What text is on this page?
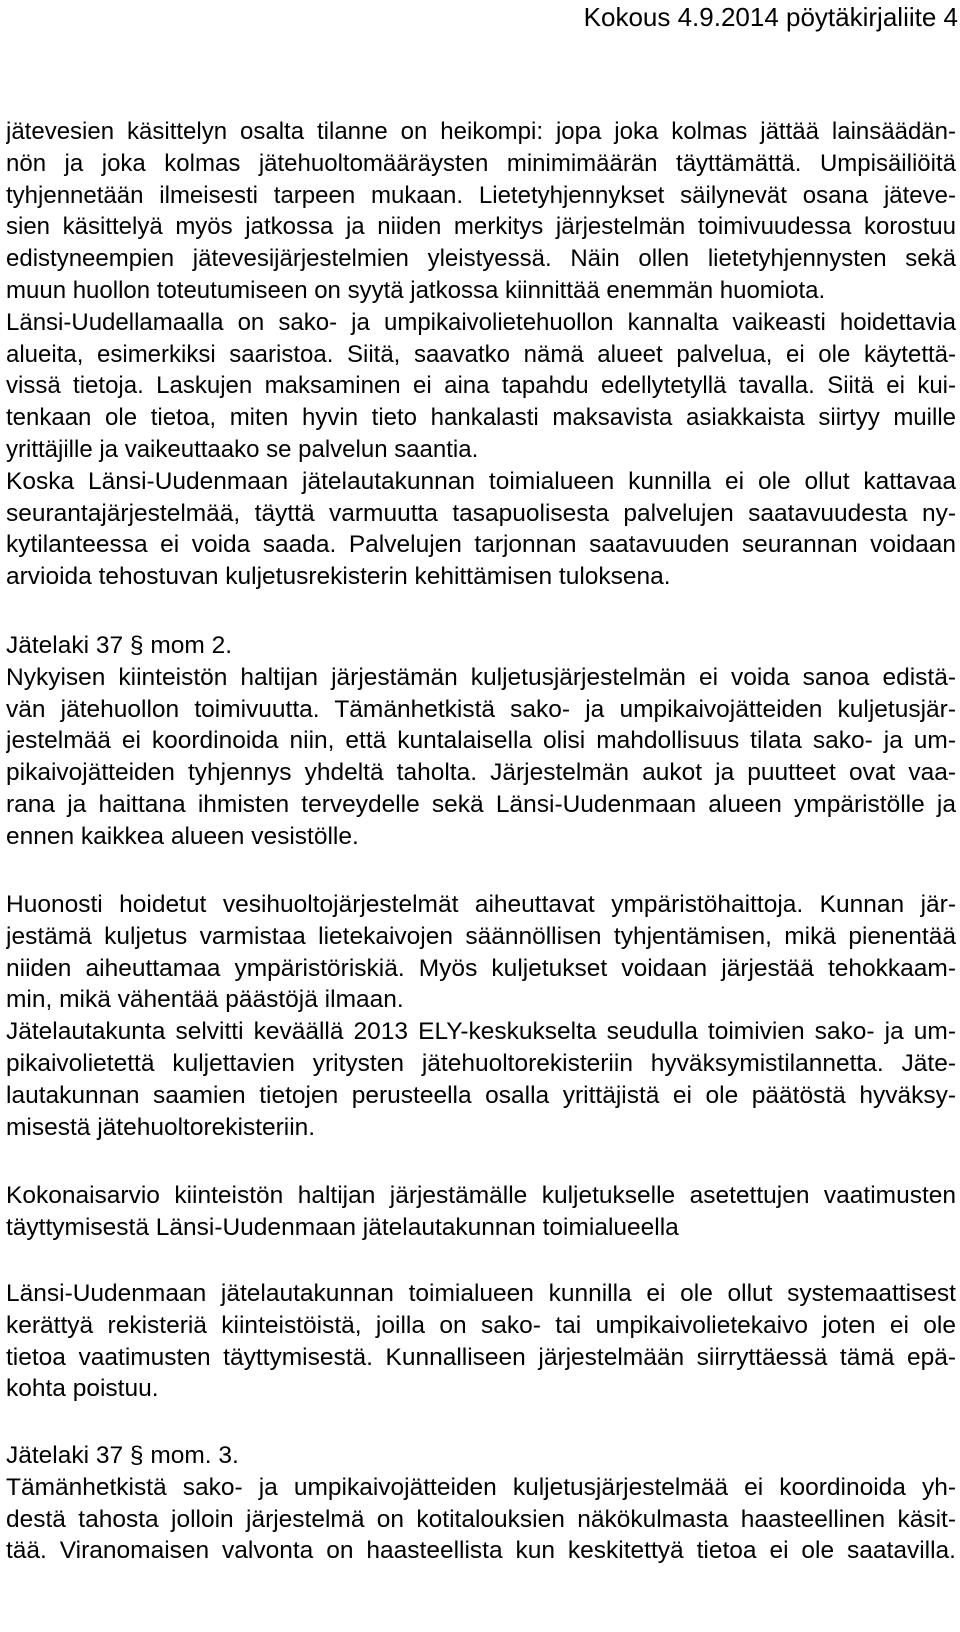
Kokous 4.9.2014 pöytäkirjaliite 4
jätevesien käsittelyn osalta tilanne on heikompi: jopa joka kolmas jättää lainsäädän-
nön ja joka kolmas jätehuoltomääräysten minimimäärän täyttämättä. Umpisäiliöitä
tyhjennetään ilmeisesti tarpeen mukaan. Lietetyhjennykset säilynevät osana jäteve-
sien käsittelyä myös jatkossa ja niiden merkitys järjestelmän toimivuudessa korostuu
edistyneempien jätevesijärjestelmien yleistyessä. Näin ollen lietetyhjennysten sekä
muun huollon toteutumiseen on syytä jatkossa kiinnittää enemmän huomiota.
Länsi-Uudellamaalla on sako- ja umpikaivolietehuollon kannalta vaikeasti hoidettavia
alueita, esimerkiksi saaristoa. Siitä, saavatko nämä alueet palvelua, ei ole käytettä-
vissä tietoja. Laskujen maksaminen ei aina tapahdu edellytetyllä tavalla. Siitä ei kui-
tenkaan ole tietoa, miten hyvin tieto hankalasti maksavista asiakkaista siirtyy muille
yrittäjille ja vaikeuttaako se palvelun saantia.
Koska Länsi-Uudenmaan jätelautakunnan toimialueen kunnilla ei ole ollut kattavaa
seurantajärjestelmää, täyttä varmuutta tasapuolisesta palvelujen saatavuudesta ny-
kytilanteessa ei voida saada. Palvelujen tarjonnan saatavuuden seurannan voidaan
arvioida tehostuvan kuljetusrekisterin kehittämisen tuloksena.
Jätelaki 37 § mom 2.
Nykyisen kiinteistön haltijan järjestämän kuljetusjärjestelmän ei voida sanoa edistä-
vän jätehuollon toimivuutta. Tämänhetkistä sako- ja umpikaivojätteiden kuljetusjär-
jestelmää ei koordinoida niin, että kuntalaisella olisi mahdollisuus tilata sako- ja um-
pikaivojätteiden tyhjennys yhdeltä taholta. Järjestelmän aukot ja puutteet ovat vaa-
rana ja haittana ihmisten terveydelle sekä Länsi-Uudenmaan alueen ympäristölle ja
ennen kaikkea alueen vesistölle.
Huonosti hoidetut vesihuoltojärjestelmät aiheuttavat ympäristöhaittoja. Kunnan jär-
jestämä kuljetus varmistaa lietekaivojen säännöllisen tyhjentämisen, mikä pienentää
niiden aiheuttamaa ympäristöriskiä. Myös kuljetukset voidaan järjestää tehokkaam-
min, mikä vähentää päästöjä ilmaan.
Jätelautakunta selvitti keväällä 2013 ELY-keskukselta seudulla toimivien sako- ja um-
pikaivolietettä kuljettavien yritysten jätehuoltorekisteriin hyväksymistilannetta. Jäte-
lautakunnan saamien tietojen perusteella osalla yrittäjistä ei ole päätöstä hyväksy-
misestä jätehuoltorekisteriin.
Kokonaisarvio kiinteistön haltijan järjestämälle kuljetukselle asetettujen vaatimusten
täyttymisestä Länsi-Uudenmaan jätelautakunnan toimialueella
Länsi-Uudenmaan jätelautakunnan toimialueen kunnilla ei ole ollut systemaattisest
kerättyä rekisteriä kiinteistöistä, joilla on sako- tai umpikaivolietekaivo joten ei ole
tietoa vaatimusten täyttymisestä. Kunnalliseen järjestelmään siirryttäessä tämä epä-
kohta poistuu.
Jätelaki 37 § mom. 3.
Tämänhetkistä sako- ja umpikaivojätteiden kuljetusjärjestelmää ei koordinoida yh-
destä tahosta jolloin järjestelmä on kotitalouksien näkökulmasta haasteellinen käsit-
tää. Viranomaisen valvonta on haasteellista kun keskitettyä tietoa ei ole saatavilla.
